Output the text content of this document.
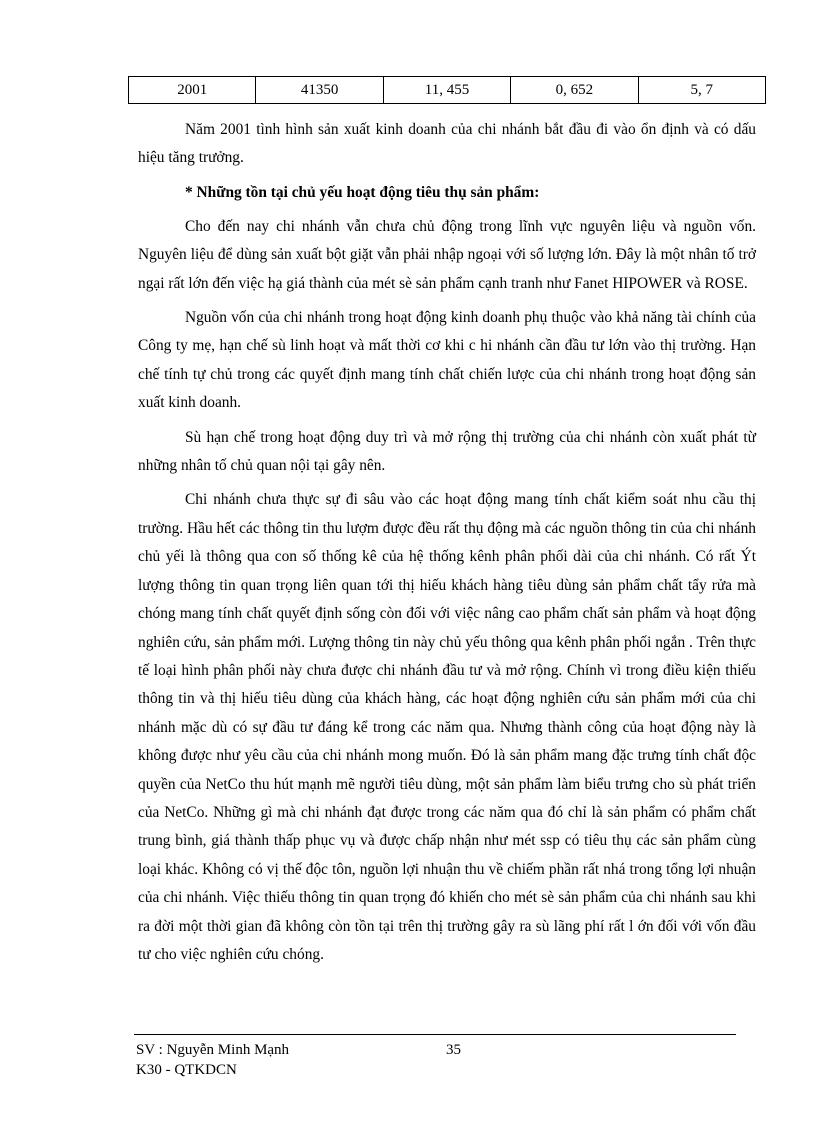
2001	41350	11, 455	0, 652	5, 7

Năm 2001 tình hình sản xuất kinh doanh của chi nhánh bắt đầu đi vào ổn định và có dấu hiệu tăng trưởng.

* Những tồn tại chủ yếu hoạt động tiêu thụ sản phẩm:

Cho đến nay chi nhánh vẫn chưa chủ động trong lĩnh vực nguyên liệu và nguồn vốn. Nguyên liệu để dùng sản xuất bột giặt vẫn phải nhập ngoại với số lượng lớn. Đây là một nhân tố trở ngại rất lớn đến việc hạ giá thành của mét sè sản phẩm cạnh tranh như Fanet HIPOWER và ROSE.

Nguồn vốn của chi nhánh trong hoạt động kinh doanh phụ thuộc vào khả năng tài chính của Công ty mẹ, hạn chế sù linh hoạt và mất thời cơ khi c hi nhánh cần đầu tư lớn vào thị trường. Hạn chế tính tự chủ trong các quyết định mang tính chất chiến lược của chi nhánh trong hoạt động sản xuất kinh doanh.

Sù hạn chế trong hoạt động duy trì và mở rộng thị trường của chi nhánh còn xuất phát từ những nhân tố chủ quan nội tại gây nên.

Chi nhánh chưa thực sự đi sâu vào các hoạt động mang tính chất kiểm soát nhu cầu thị trường. Hầu hết các thông tin thu lượm được đều rất thụ động mà các nguồn thông tin của chi nhánh chủ yếi là thông qua con số thống kê của hệ thống kênh phân phối dài của chi nhánh. Có rất Ýt lượng thông tin quan trọng liên quan tới thị hiếu khách hàng tiêu dùng sản phẩm chất tẩy rửa mà chóng mang tính chất quyết định sống còn đối với việc nâng cao phẩm chất sản phẩm và hoạt động nghiên cứu, sản phẩm mới. Lượng thông tin này chủ yếu thông qua kênh phân phối ngắn . Trên thực tế loại hình phân phối này chưa được chi nhánh đầu tư và mở rộng. Chính vì trong điều kiện thiếu thông tin và thị hiếu tiêu dùng của khách hàng, các hoạt động nghiên cứu sản phẩm mới của chi nhánh mặc dù có sự đầu tư đáng kể trong các năm qua. Nhưng thành công của hoạt động này là không được như yêu cầu của chi nhánh mong muốn. Đó là sản phẩm mang đặc trưng tính chất độc quyền của NetCo thu hút mạnh mẽ người tiêu dùng, một sản phẩm làm biểu trưng cho sù phát triển của NetCo. Những gì mà chi nhánh đạt được trong các năm qua đó chỉ là sản phẩm có phẩm chất trung bình, giá thành thấp phục vụ và được chấp nhận như mét ssp có tiêu thụ các sản phẩm cùng loại khác. Không có vị thế độc tôn, nguồn lợi nhuận thu về chiếm phần rất nhá trong tổng lợi nhuận của chi nhánh. Việc thiếu thông tin quan trọng đó khiến cho mét sè sản phẩm của chi nhánh sau khi ra đời một thời gian đã không còn tồn tại trên thị trường gây ra sù lãng phí rất l ớn đối với vốn đầu tư cho việc nghiên cứu chóng.

SV : Nguyễn Minh Mạnh
K30 - QTKDCN
35
